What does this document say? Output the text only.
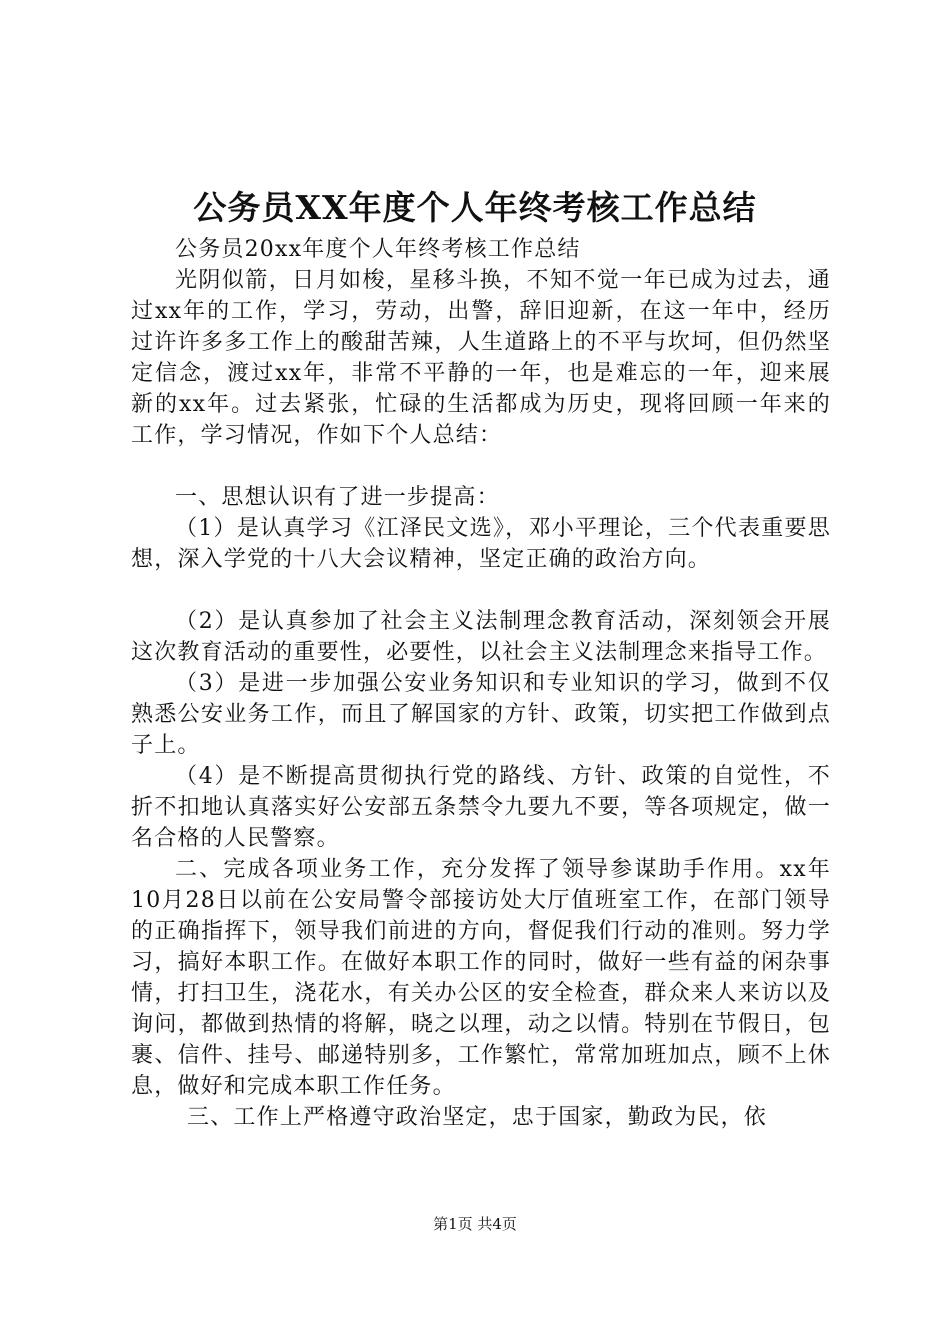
公务员XX年度个人年终考核工作总结

公务员20xx年度个人年终考核工作总结

光阴似箭，日月如梭，星移斗换，不知不觉一年已成为过去，通过xx年的工作，学习，劳动，出警，辞旧迎新，在这一年中，经历过许许多多工作上的酸甜苦辣，人生道路上的不平与坎坷，但仍然坚定信念，渡过xx年，非常不平静的一年，也是难忘的一年，迎来展新的xx年。过去紧张，忙碌的生活都成为历史，现将回顾一年来的工作，学习情况，作如下个人总结：

一、思想认识有了进一步提高：

（1）是认真学习《江泽民文选》，邓小平理论，三个代表重要思想，深入学党的十八大会议精神，坚定正确的政治方向。

（2）是认真参加了社会主义法制理念教育活动，深刻领会开展这次教育活动的重要性，必要性，以社会主义法制理念来指导工作。

（3）是进一步加强公安业务知识和专业知识的学习，做到不仅熟悉公安业务工作，而且了解国家的方针、政策，切实把工作做到点子上。

（4）是不断提高贯彻执行党的路线、方针、政策的自觉性，不折不扣地认真落实好公安部五条禁令九要九不要，等各项规定，做一名合格的人民警察。

二、完成各项业务工作，充分发挥了领导参谋助手作用。xx年10月28日以前在公安局警令部接访处大厅值班室工作，在部门领导的正确指挥下，领导我们前进的方向，督促我们行动的准则。努力学习，搞好本职工作。在做好本职工作的同时，做好一些有益的闲杂事情，打扫卫生，浇花水，有关办公区的安全检查，群众来人来访以及询问，都做到热情的将解，晓之以理，动之以情。特别在节假日，包裹、信件、挂号、邮递特别多，工作繁忙，常常加班加点，顾不上休息，做好和完成本职工作任务。

三、工作上严格遵守政治坚定，忠于国家，勤政为民，依

第1页 共4页
